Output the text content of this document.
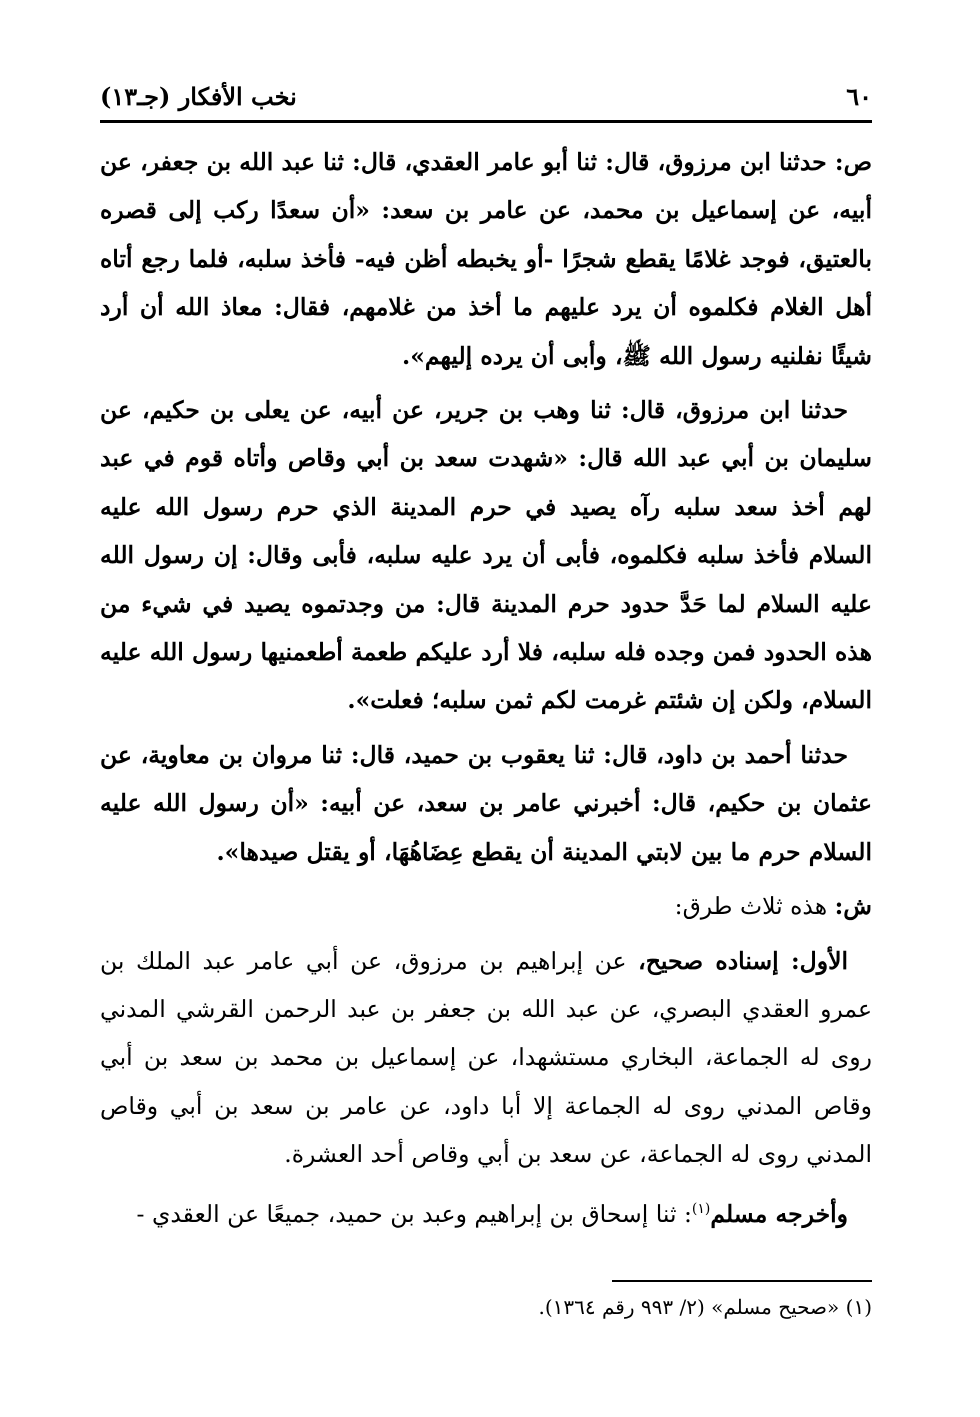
٦٠
نخب الأفكار (جـ١٣)

ص: حدثنا ابن مرزوق، قال: ثنا أبو عامر العقدي، قال: ثنا عبد الله بن جعفر، عن أبيه، عن إسماعيل بن محمد، عن عامر بن سعد: «أن سعدًا ركب إلى قصره بالعتيق، فوجد غلامًا يقطع شجرًا -أو يخبطه أظن فيه- فأخذ سلبه، فلما رجع أتاه أهل الغلام فكلموه أن يرد عليهم ما أخذ من غلامهم، فقال: معاذ الله أن أرد شيئًا نفلنيه رسول الله ﷺ، وأبى أن يرده إليهم».

حدثنا ابن مرزوق، قال: ثنا وهب بن جرير، عن أبيه، عن يعلى بن حكيم، عن سليمان بن أبي عبد الله قال: «شهدت سعد بن أبي وقاص وأتاه قوم في عبد لهم أخذ سعد سلبه رآه يصيد في حرم المدينة الذي حرم رسول الله عليه السلام فأخذ سلبه فكلموه، فأبى أن يرد عليه سلبه، فأبى وقال: إن رسول الله عليه السلام لما حَدَّ حدود حرم المدينة قال: من وجدتموه يصيد في شيء من هذه الحدود فمن وجده فله سلبه، فلا أرد عليكم طعمة أطعمنيها رسول الله عليه السلام، ولكن إن شئتم غرمت لكم ثمن سلبه؛ فعلت».

حدثنا أحمد بن داود، قال: ثنا يعقوب بن حميد، قال: ثنا مروان بن معاوية، عن عثمان بن حكيم، قال: أخبرني عامر بن سعد، عن أبيه: «أن رسول الله عليه السلام حرم ما بين لابتي المدينة أن يقطع عِضَاهُهَا، أو يقتل صيدها».

ش: هذه ثلاث طرق:

الأول: إسناده صحيح، عن إبراهيم بن مرزوق، عن أبي عامر عبد الملك بن عمرو العقدي البصري، عن عبد الله بن جعفر بن عبد الرحمن القرشي المدني روى له الجماعة، البخاري مستشهدا، عن إسماعيل بن محمد بن سعد بن أبي وقاص المدني روى له الجماعة إلا أبا داود، عن عامر بن سعد بن أبي وقاص المدني روى له الجماعة، عن سعد بن أبي وقاص أحد العشرة.

وأخرجه مسلم$^{(١)}$: ثنا إسحاق بن إبراهيم وعبد بن حميد، جميعًا عن العقدي -

(١) «صحيح مسلم» (٢/ ٩٩٣ رقم ١٣٦٤).
